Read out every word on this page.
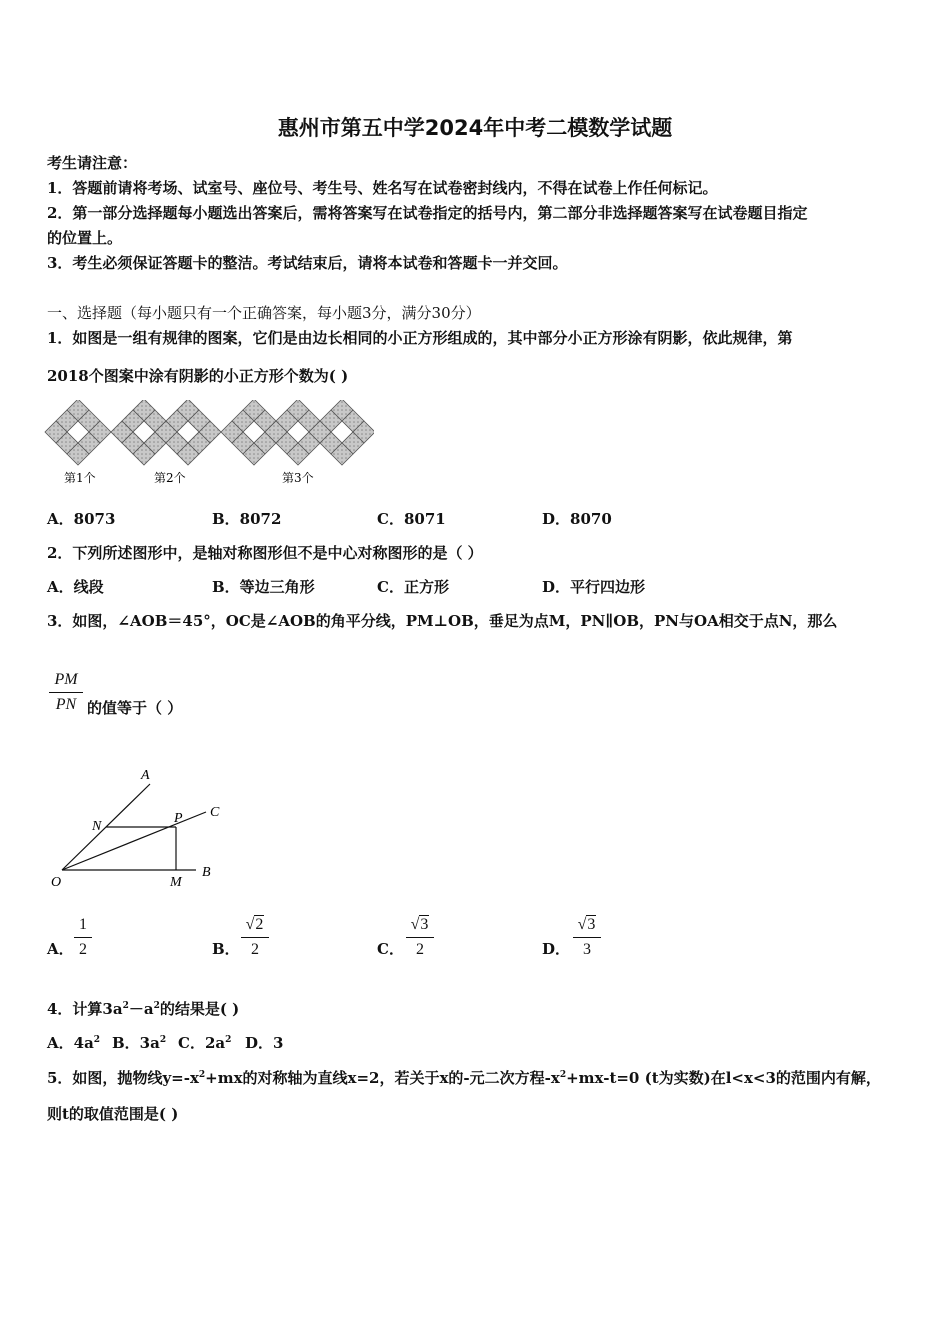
惠州市第五中学2024年中考二模数学试题
考生请注意：
1．答题前请将考场、试室号、座位号、考生号、姓名写在试卷密封线内，不得在试卷上作任何标记。
2．第一部分选择题每小题选出答案后，需将答案写在试卷指定的括号内，第二部分非选择题答案写在试卷题目指定
的位置上。
3．考生必须保证答题卡的整洁。考试结束后，请将本试卷和答题卡一并交回。
一、选择题（每小题只有一个正确答案，每小题3分，满分30分）
1．如图是一组有规律的图案，它们是由边长相同的小正方形组成的，其中部分小正方形涂有阴影，依此规律，第
2018个图案中涂有阴影的小正方形个数为( )
第1个	第2个	第3个
A．8073	B．8072	C．8071	D．8070
2．下列所述图形中，是轴对称图形但不是中心对称图形的是（ ）
A．线段	B．等边三角形	C．正方形	D．平行四边形
3．如图，∠AOB＝45°，OC是∠AOB的角平分线，PM⊥OB，垂足为点M，PN∥OB，PN与OA相交于点N，那么
PM
PN 的值等于（ ）
A
N
P C
O	M
B
A．
1
2	B．
√2
2	C．
√3
2	D．
√3
3
4．计算$3a^2-a^2$的结果是( )
A．$4a^2$ B．$3a^2$ C．$2a^2$ D．3
5．如图，抛物线$y=-x^2+mx$的对称轴为直线x=2，若关于x的-元二次方程$-x^2+mx-t=0$ (t为实数)在l<x<3的范围内有解，
则t的取值范围是( )
